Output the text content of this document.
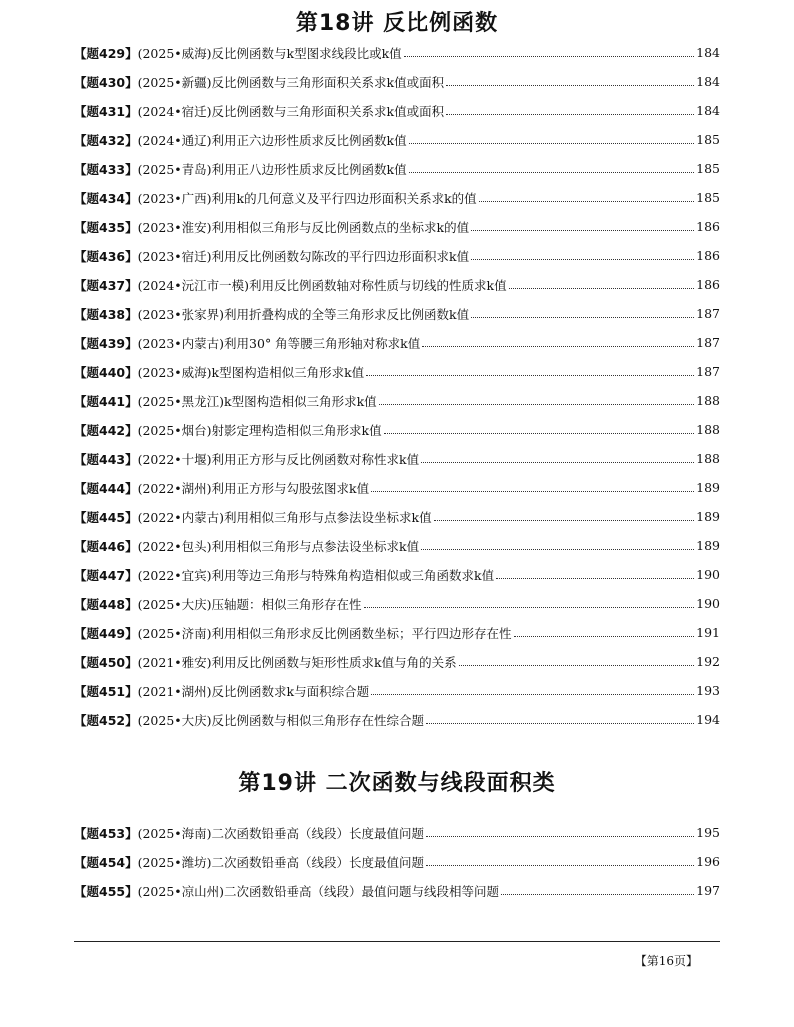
第18讲 反比例函数
【题429】 (2025•威海)反比例函数与k型图求线段比或k值	184
【题430】 (2025•新疆)反比例函数与三角形面积关系求k值或面积	184
【题431】 (2024•宿迁)反比例函数与三角形面积关系求k值或面积	184
【题432】 (2024•通辽)利用正六边形性质求反比例函数k值	185
【题433】 (2025•青岛)利用正八边形性质求反比例函数k值	185
【题434】 (2023•广西)利用k的几何意义及平行四边形面积关系求k的值	185
【题435】 (2023•淮安)利用相似三角形与反比例函数点的坐标求k的值	186
【题436】 (2023•宿迁)利用反比例函数勾陈改的平行四边形面积求k值	186
【题437】 (2024•沅江市一模)利用反比例函数轴对称性质与切线的性质求k值	186
【题438】 (2023•张家界)利用折叠构成的全等三角形求反比例函数k值	187
【题439】 (2023•内蒙古)利用30° 角等腰三角形轴对称求k值	187
【题440】 (2023•威海)k型图构造相似三角形求k值	187
【题441】 (2025•黑龙江)k型图构造相似三角形求k值	188
【题442】 (2025•烟台)射影定理构造相似三角形求k值	188
【题443】 (2022•十堰)利用正方形与反比例函数对称性求k值	188
【题444】 (2022•湖州)利用正方形与勾股弦图求k值	189
【题445】 (2022•内蒙古)利用相似三角形与点参法设坐标求k值	189
【题446】 (2022•包头)利用相似三角形与点参法设坐标求k值	189
【题447】 (2022•宜宾)利用等边三角形与特殊角构造相似或三角函数求k值	190
【题448】 (2025•大庆)压轴题：相似三角形存在性	190
【题449】 (2025•济南)利用相似三角形求反比例函数坐标；平行四边形存在性	191
【题450】 (2021•雅安)利用反比例函数与矩形性质求k值与角的关系	192
【题451】 (2021•湖州)反比例函数求k与面积综合题	193
【题452】 (2025•大庆)反比例函数与相似三角形存在性综合题	194
第19讲 二次函数与线段面积类
【题453】 (2025•海南)二次函数铅垂高（线段）长度最值问题	195
【题454】 (2025•潍坊)二次函数铅垂高（线段）长度最值问题	196
【题455】 (2025•凉山州)二次函数铅垂高（线段）最值问题与线段相等问题	197
【第16页】
